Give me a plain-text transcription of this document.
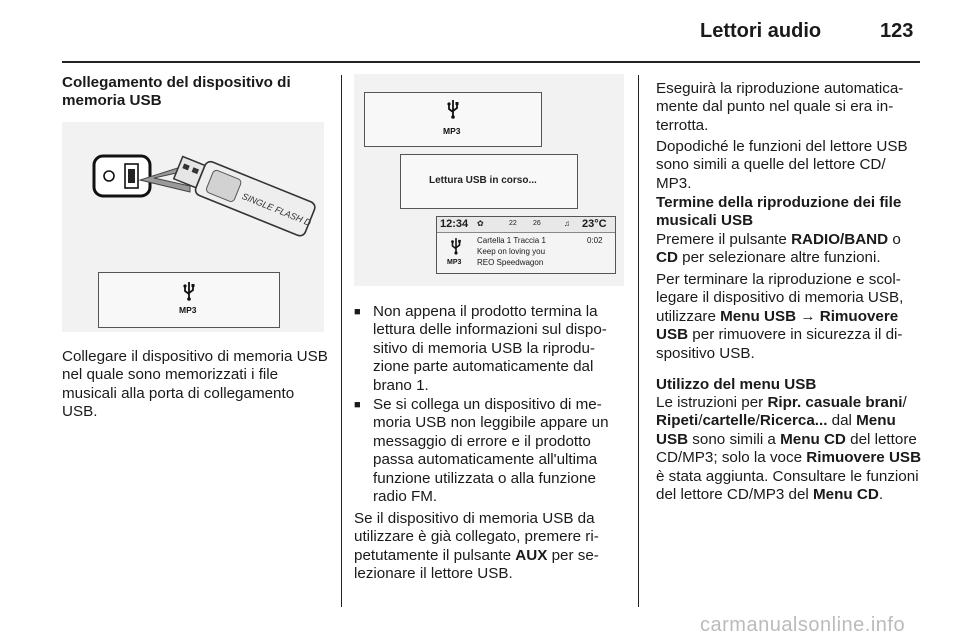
Lettori audio	123
Collegamento del dispositivo di memoria USB
SINGLE FLASH D
MP3
Collegare il dispositivo di memoria USB nel quale sono memorizzati i file musicali alla porta di collegamento USB.
MP3
Lettura USB in corso...
12:34 ✿	22 26	♫ 23°C
MP3
Cartella 1 Traccia 1	0:02
Keep on loving you
REO Speedwagon
■ Non appena il prodotto termina la lettura delle informazioni sul dispo-sitivo di memoria USB la riprodu-zione parte automaticamente dal brano 1.
■ Se si collega un dispositivo di me-moria USB non leggibile appare un messaggio di errore e il prodotto passa automaticamente all'ultima funzione utilizzata o alla funzione radio FM.
Se il dispositivo di memoria USB da utilizzare è già collegato, premere ri-petutamente il pulsante AUX per se-lezionare il lettore USB.
Eseguirà la riproduzione automatica-mente dal punto nel quale si era in-terrotta.
Dopodiché le funzioni del lettore USB sono simili a quelle del lettore CD/ MP3.
Termine della riproduzione dei file musicali USB
Premere il pulsante RADIO/BAND o CD per selezionare altre funzioni.
Per terminare la riproduzione e scol-legare il dispositivo di memoria USB, utilizzare Menu USB → Rimuovere USB per rimuovere in sicurezza il di-spositivo USB.
Utilizzo del menu USB
Le istruzioni per Ripr. casuale brani/ Ripeti/cartelle/Ricerca... dal Menu USB sono simili a Menu CD del lettore CD/MP3; solo la voce Rimuovere USB è stata aggiunta. Consultare le funzioni del lettore CD/MP3 del Menu CD.
carmanualsonline.info
